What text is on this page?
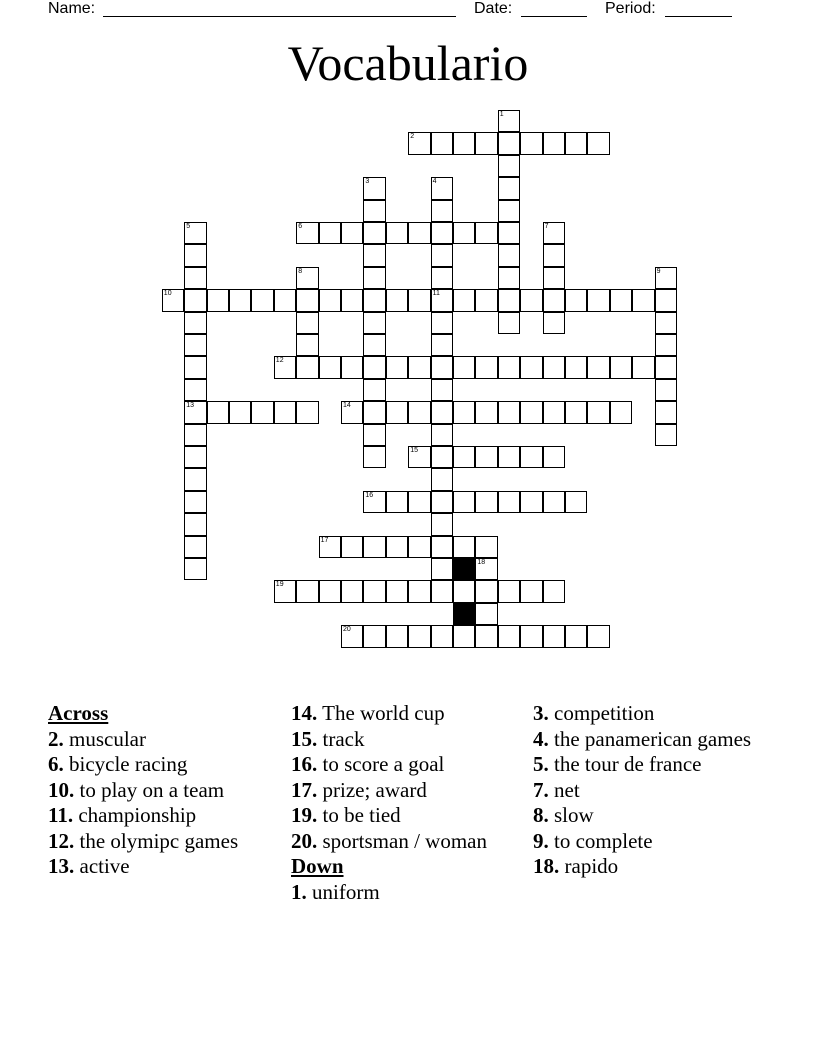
Name:	Date:	Period:
Vocabulario
1
2
3	4
11
5
13
6	7
8	9
10
12
14
15
16
17
18
19
20
Across
2. muscular
6. bicycle racing
10. to play on a team
11. championship
12. the olymipc games
13. active
14. The world cup
15. track
16. to score a goal
17. prize; award
19. to be tied
20. sportsman / woman
Down
1. uniform
3. competition
4. the panamerican games
5. the tour de france
7. net
8. slow
9. to complete
18. rapido
